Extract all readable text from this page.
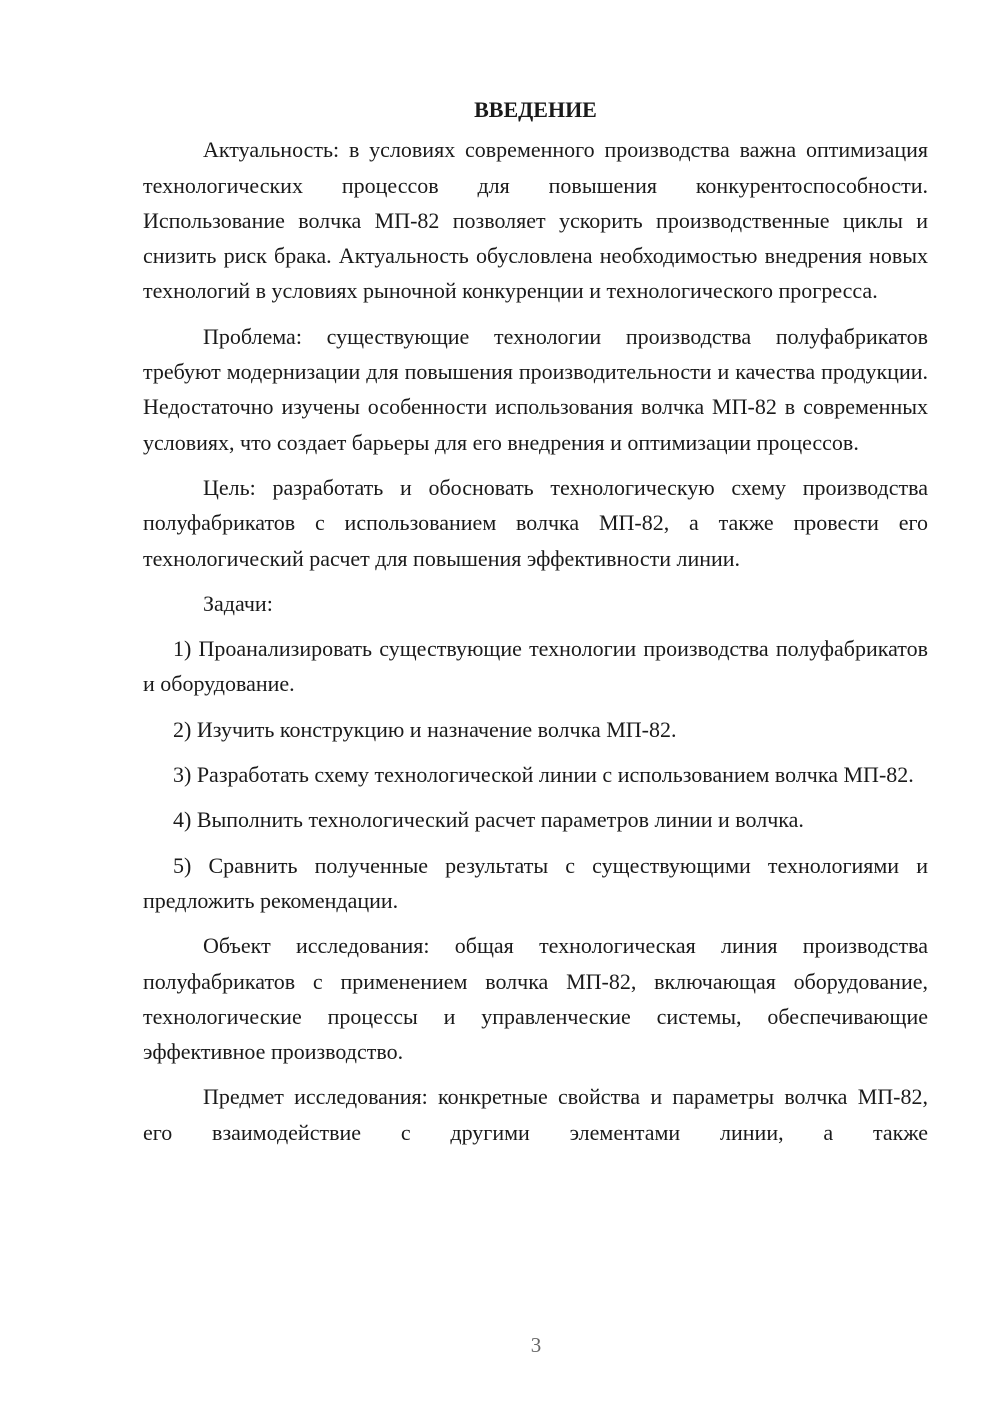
ВВЕДЕНИЕ

Актуальность: в условиях современного производства важна оптимизация технологических процессов для повышения конкурентоспособности. Использование волчка МП-82 позволяет ускорить производственные циклы и снизить риск брака. Актуальность обусловлена необходимостью внедрения новых технологий в условиях рыночной конкуренции и технологического прогресса.

Проблема: существующие технологии производства полуфабрикатов требуют модернизации для повышения производительности и качества продукции. Недостаточно изучены особенности использования волчка МП-82 в современных условиях, что создает барьеры для его внедрения и оптимизации процессов.

Цель: разработать и обосновать технологическую схему производства полуфабрикатов с использованием волчка МП-82, а также провести его технологический расчет для повышения эффективности линии.

Задачи:

1) Проанализировать существующие технологии производства полуфабрикатов и оборудование.

2) Изучить конструкцию и назначение волчка МП-82.

3) Разработать схему технологической линии с использованием волчка МП-82.

4) Выполнить технологический расчет параметров линии и волчка.

5) Сравнить полученные результаты с существующими технологиями и предложить рекомендации.

Объект исследования: общая технологическая линия производства полуфабрикатов с применением волчка МП-82, включающая оборудование, технологические процессы и управленческие системы, обеспечивающие эффективное производство.

Предмет исследования: конкретные свойства и параметры волчка МП-82, его взаимодействие с другими элементами линии, а также

3
